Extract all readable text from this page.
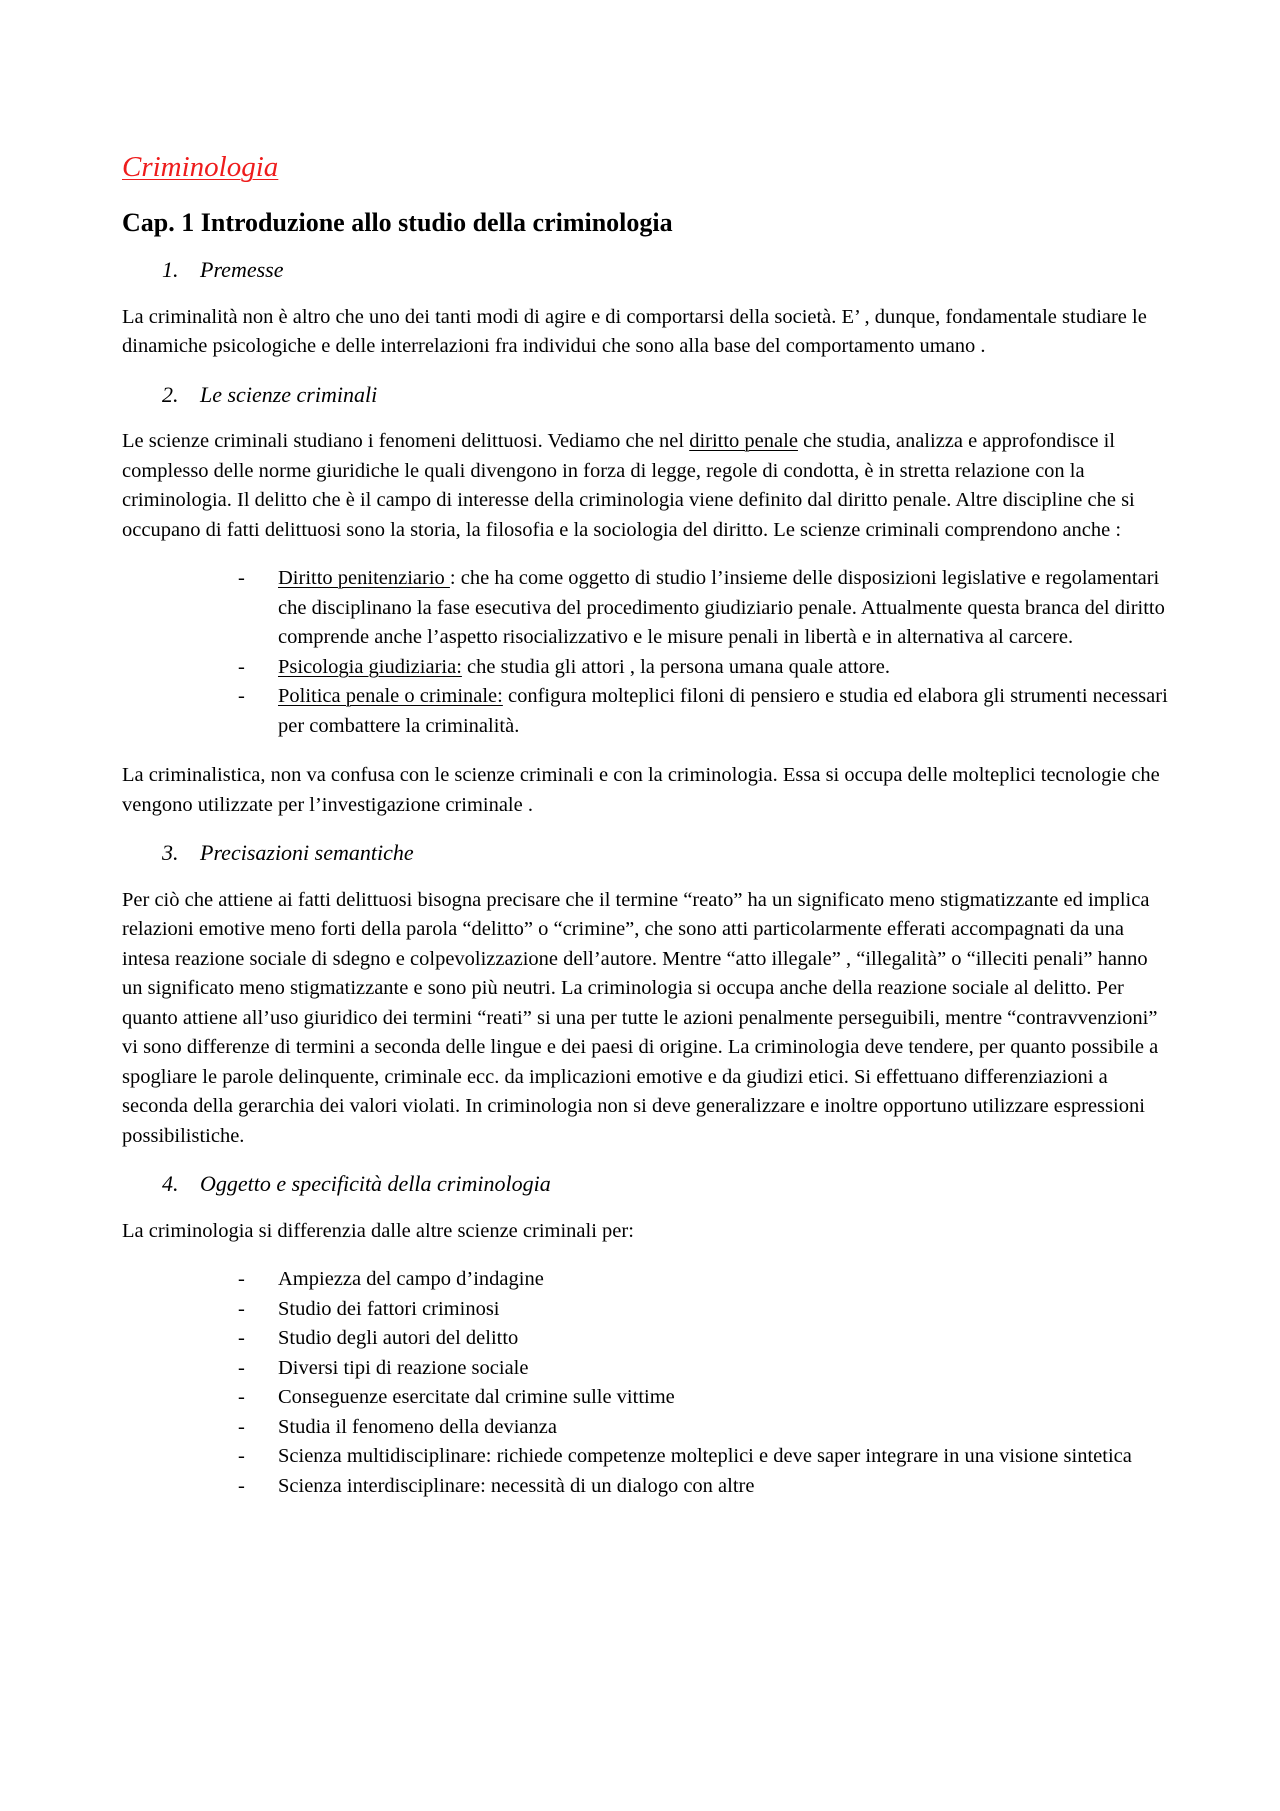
Criminologia
Cap. 1 Introduzione allo studio della criminologia
1. Premesse

La criminalità non è altro che uno dei tanti modi di agire e di comportarsi della società. E’ , dunque, fondamentale studiare le dinamiche psicologiche e delle interrelazioni fra individui che sono alla base del comportamento umano .

2. Le scienze criminali

Le scienze criminali studiano i fenomeni delittuosi. Vediamo che nel diritto penale che studia, analizza e approfondisce il complesso delle norme giuridiche le quali divengono in forza di legge, regole di condotta, è in stretta relazione con la criminologia. Il delitto che è il campo di interesse della criminologia viene definito dal diritto penale. Altre discipline che si occupano di fatti delittuosi sono la storia, la filosofia e la sociologia del diritto. Le scienze criminali comprendono anche :

-	Diritto penitenziario : che ha come oggetto di studio l’insieme delle disposizioni legislative e regolamentari che disciplinano la fase esecutiva del procedimento giudiziario penale. Attualmente questa branca del diritto comprende anche l’aspetto risocializzativo e le misure penali in libertà e in alternativa al carcere.
-	Psicologia giudiziaria: che studia gli attori , la persona umana quale attore.
-	Politica penale o criminale: configura molteplici filoni di pensiero e studia ed elabora gli strumenti necessari per combattere la criminalità.

La criminalistica, non va confusa con le scienze criminali e con la criminologia. Essa si occupa delle molteplici tecnologie che vengono utilizzate per l’investigazione criminale .

3. Precisazioni semantiche

Per ciò che attiene ai fatti delittuosi bisogna precisare che il termine “reato” ha un significato meno stigmatizzante ed implica relazioni emotive meno forti della parola “delitto” o “crimine”, che sono atti particolarmente efferati accompagnati da una intesa reazione sociale di sdegno e colpevolizzazione dell’autore. Mentre “atto illegale” , “illegalità” o “illeciti penali” hanno un significato meno stigmatizzante e sono più neutri. La criminologia si occupa anche della reazione sociale al delitto. Per quanto attiene all’uso giuridico dei termini “reati” si una per tutte le azioni penalmente perseguibili, mentre “contravvenzioni” vi sono differenze di termini a seconda delle lingue e dei paesi di origine. La criminologia deve tendere, per quanto possibile a spogliare le parole delinquente, criminale ecc. da implicazioni emotive e da giudizi etici. Si effettuano differenziazioni a seconda della gerarchia dei valori violati. In criminologia non si deve generalizzare e inoltre opportuno utilizzare espressioni possibilistiche.

4. Oggetto e specificità della criminologia

La criminologia si differenzia dalle altre scienze criminali per:

-	Ampiezza del campo d’indagine
-	Studio dei fattori criminosi
-	Studio degli autori del delitto
-	Diversi tipi di reazione sociale
-	Conseguenze esercitate dal crimine sulle vittime
-	Studia il fenomeno della devianza
-	Scienza multidisciplinare: richiede competenze molteplici e deve saper integrare in una visione sintetica
-	Scienza interdisciplinare: necessità di un dialogo con altre
